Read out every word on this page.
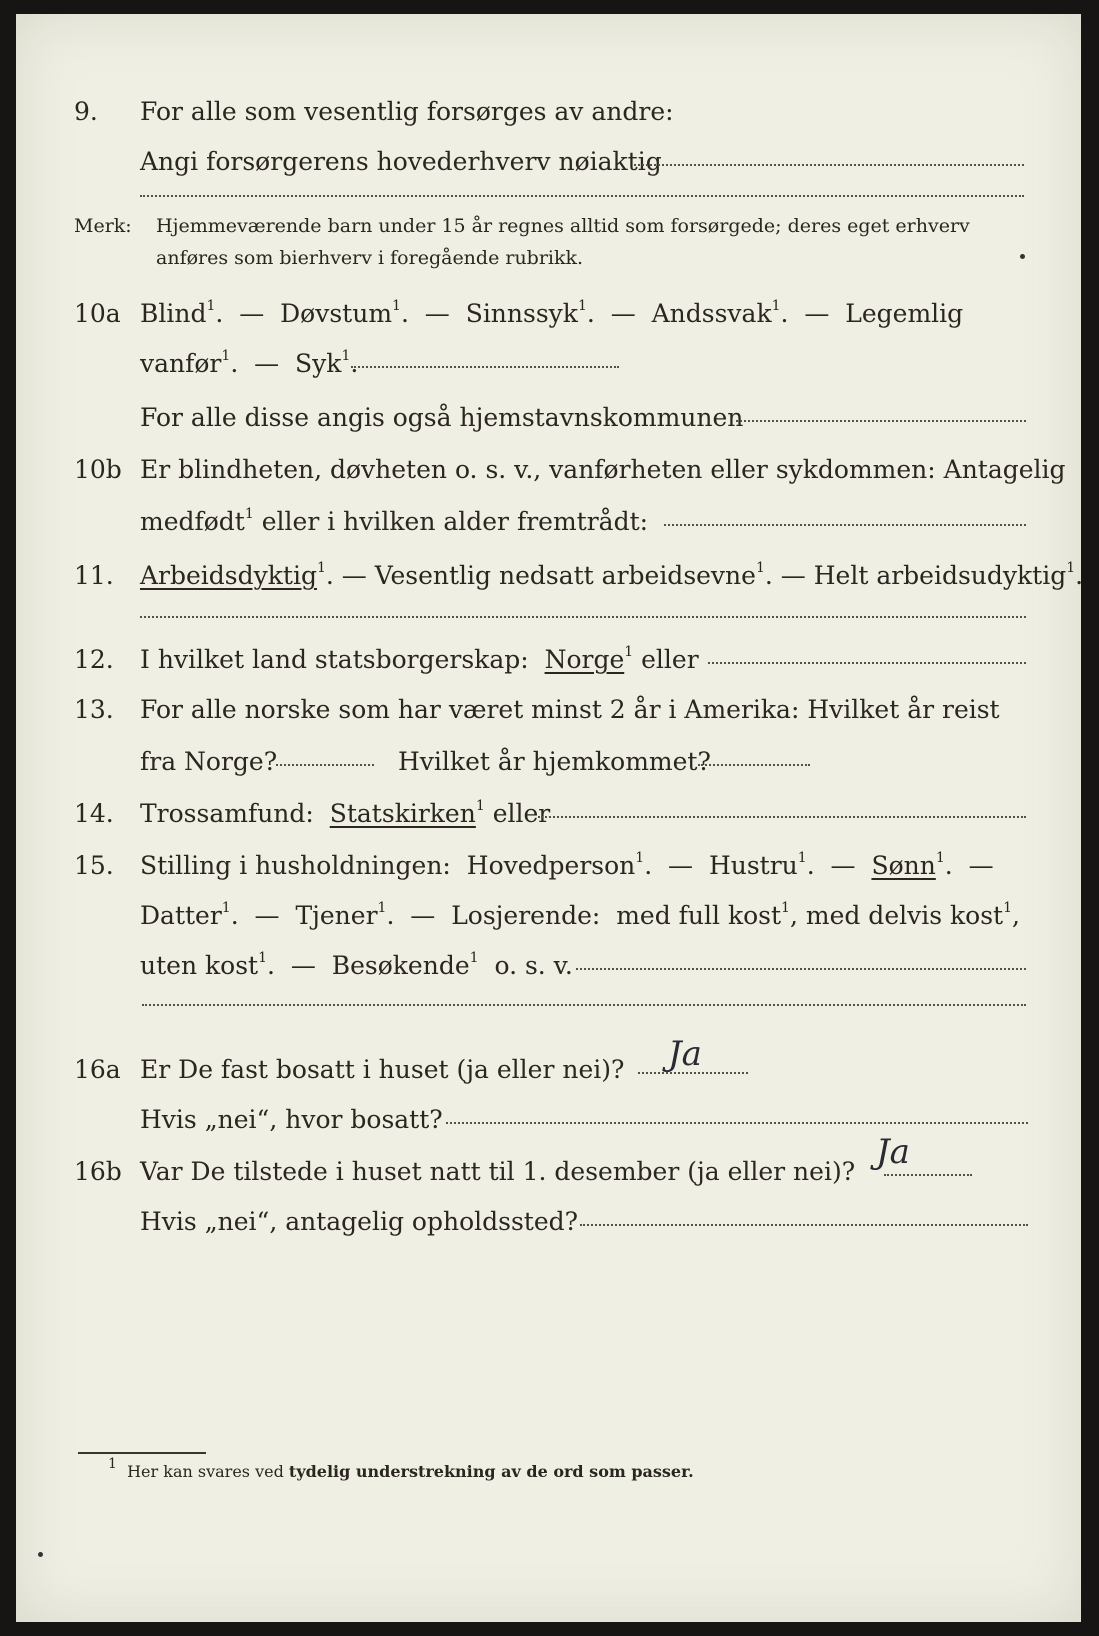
9. For alle som vesentlig forsørges av andre:
Angi forsørgerens hovederhverv nøiaktig
Merk: Hjemmeværende barn under 15 år regnes alltid som forsørgede; deres eget erhverv
anføres som bierhverv i foregående rubrikk.
10a Blind$^1$.  —  Døvstum$^1$.  —  Sinnssyk$^1$.  —  Andssvak$^1$.  —  Legemlig
vanfør$^1$.  —  Syk$^1$.
For alle disse angis også hjemstavnskommunen
10b Er blindheten, døvheten o. s. v., vanførheten eller sykdommen: Antagelig
medfødt$^1$ eller i hvilken alder fremtrådt:
11. Arbeidsdyktig$^1$. — Vesentlig nedsatt arbeidsevne$^1$. — Helt arbeidsudyktig$^1$.
12. I hvilket land statsborgerskap: Norge$^1$ eller
13. For alle norske som har været minst 2 år i Amerika: Hvilket år reist
fra Norge?	Hvilket år hjemkommet?
14. Trossamfund: Statskirken$^1$ eller
15. Stilling i husholdningen: Hovedperson$^1$.  —  Hustru$^1$.  —  Sønn$^1$.  —
Datter$^1$.  —  Tjener$^1$.  —  Losjerende: med full kost$^1$, med delvis kost$^1$,
uten kost$^1$.  —  Besøkende$^1$ o. s. v.
16a Er De fast bosatt i huset (ja eller nei)? Ja
Hvis „nei“, hvor bosatt?
16b Var De tilstede i huset natt til 1. desember (ja eller nei)? Ja
Hvis „nei“, antagelig opholdssted?
$^1$ Her kan svares ved tydelig understrekning av de ord som passer.
